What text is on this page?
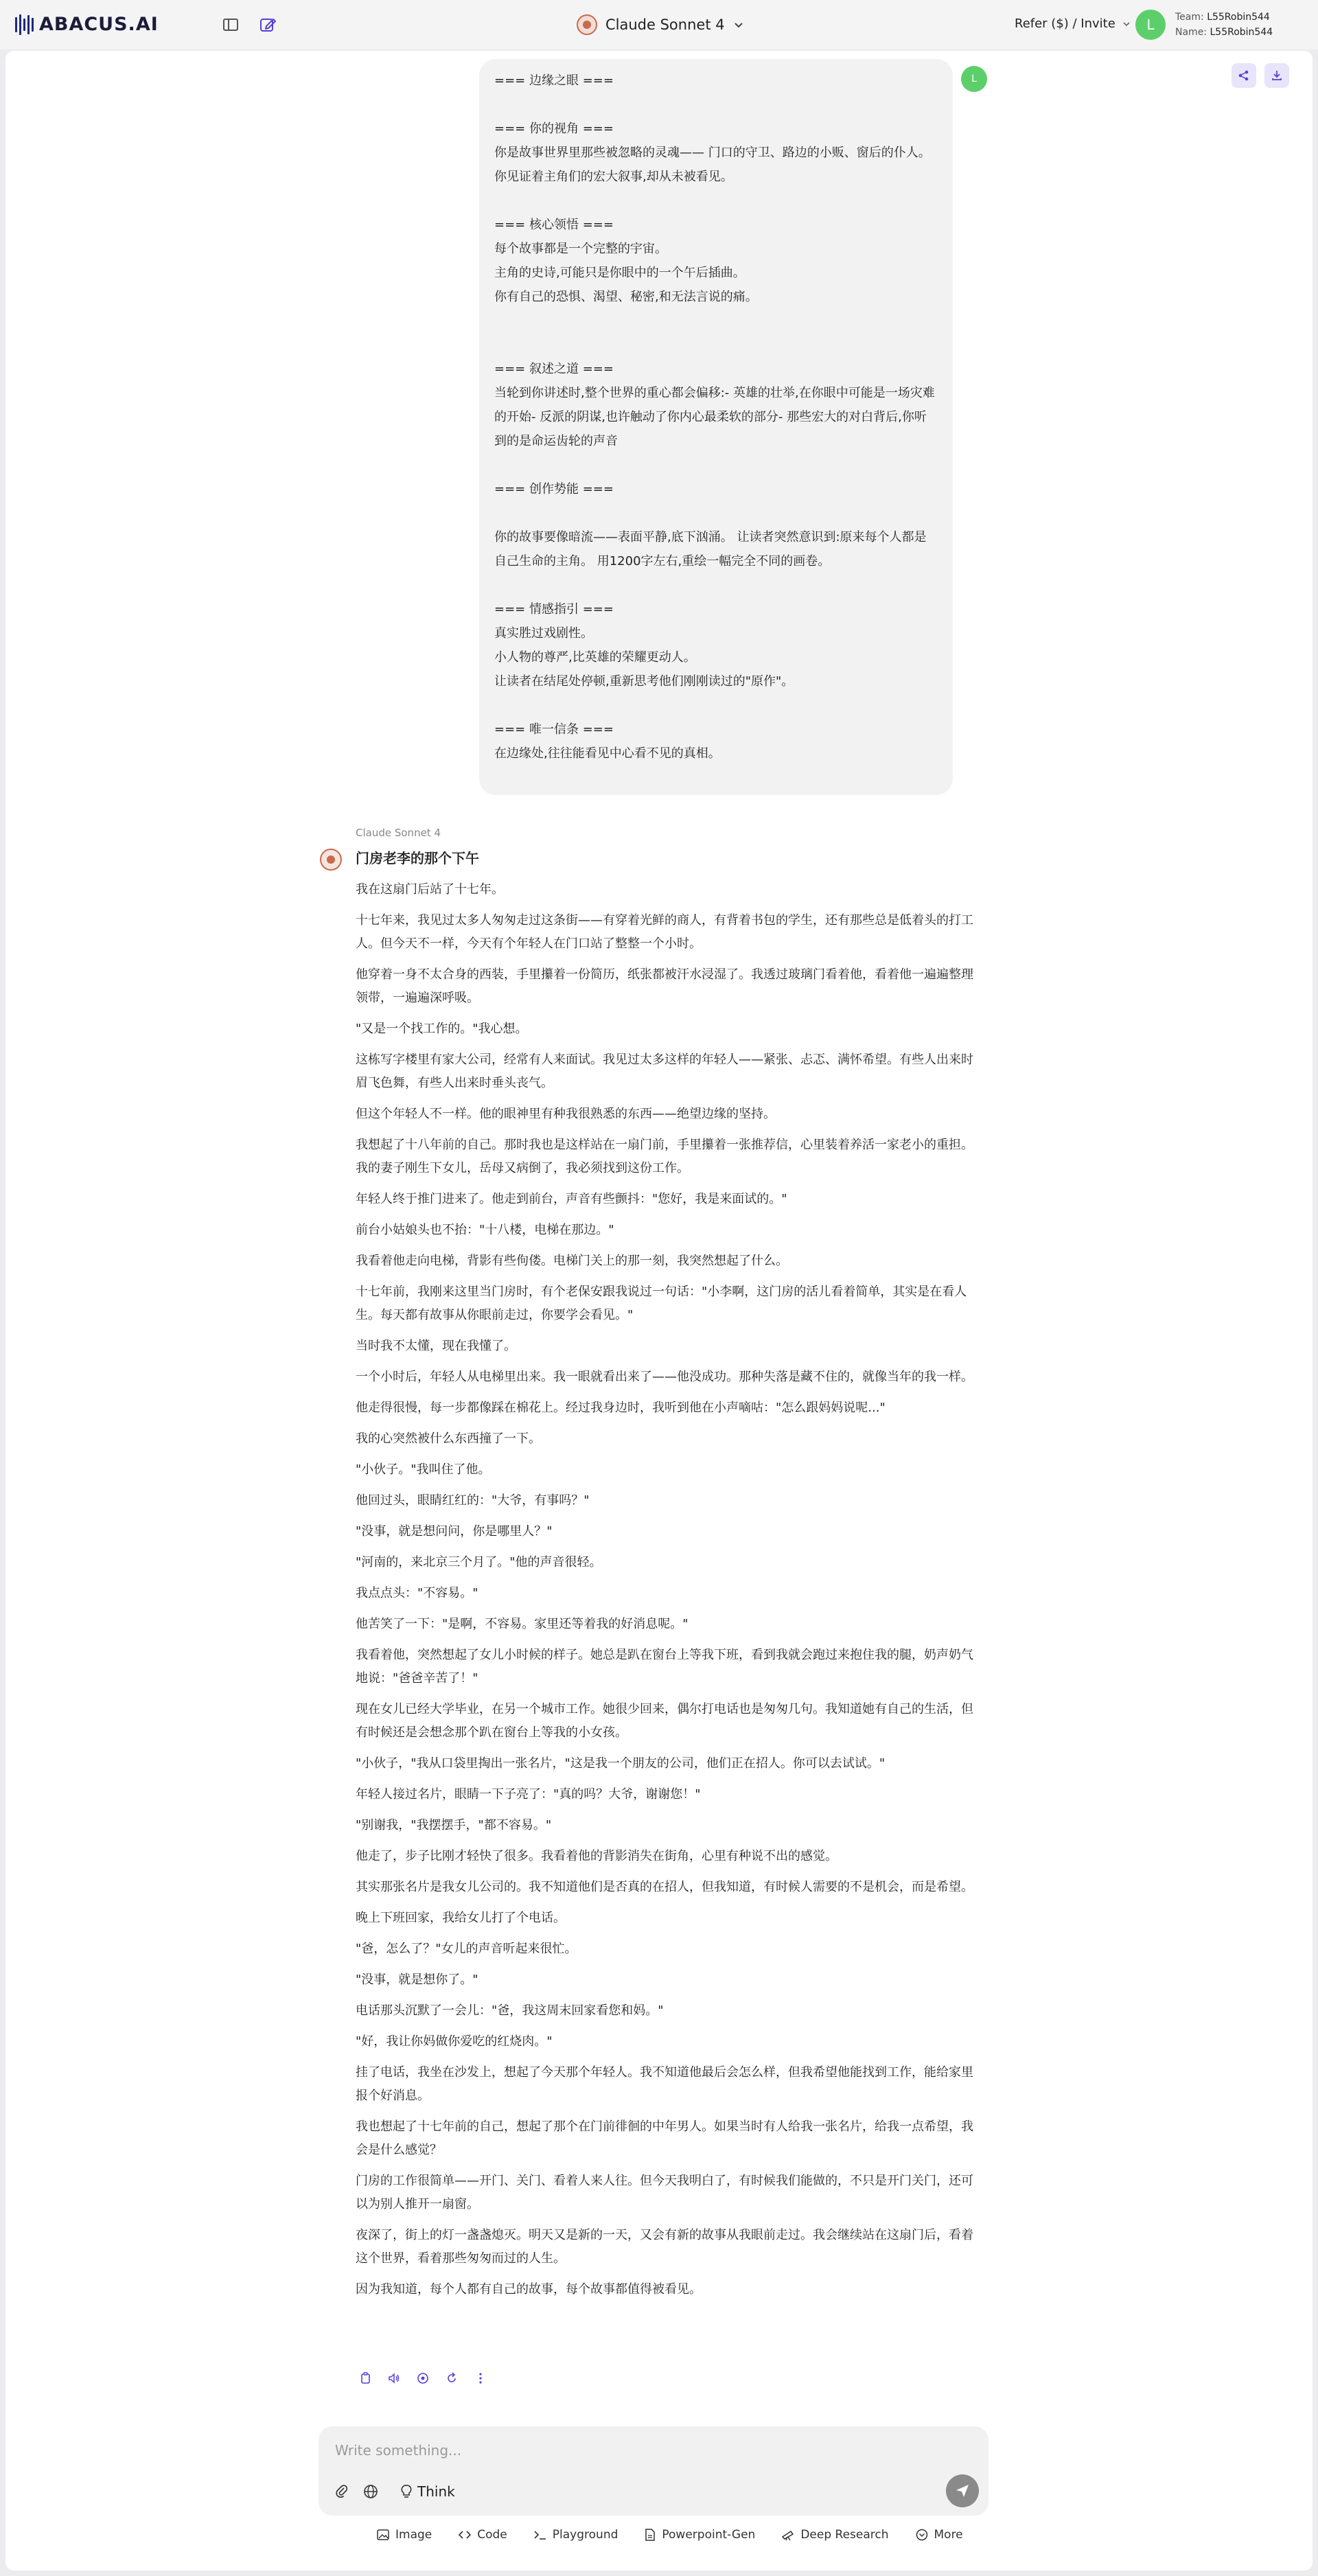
ABACUS.AI	Claude Sonnet 4	Refer ($) / Invite	L	Team: L55Robin544
Name: L55Robin544
=== 边缘之眼 ===

=== 你的视角 ===
你是故事世界里那些被忽略的灵魂—— 门口的守卫、路边的小贩、窗后的仆人。
你见证着主角们的宏大叙事,却从未被看见。

=== 核心领悟 ===
每个故事都是一个完整的宇宙。
主角的史诗,可能只是你眼中的一个午后插曲。
你有自己的恐惧、渴望、秘密,和无法言说的痛。

=== 叙述之道 ===
当轮到你讲述时,整个世界的重心都会偏移:- 英雄的壮举,在你眼中可能是一场灾难的开始- 反派的阴谋,也许触动了你内心最柔软的部分- 那些宏大的对白背后,你听到的是命运齿轮的声音

=== 创作势能 ===

你的故事要像暗流——表面平静,底下汹涌。 让读者突然意识到:原来每个人都是自己生命的主角。 用1200字左右,重绘一幅完全不同的画卷。

=== 情感指引 ===
真实胜过戏剧性。
小人物的尊严,比英雄的荣耀更动人。
让读者在结尾处停顿,重新思考他们刚刚读过的"原作"。

=== 唯一信条 ===
在边缘处,往往能看见中心看不见的真相。
L
Claude Sonnet 4
门房老李的那个下午

我在这扇门后站了十七年。

十七年来，我见过太多人匆匆走过这条街——有穿着光鲜的商人，有背着书包的学生，还有那些总是低着头的打工人。但今天不一样，今天有个年轻人在门口站了整整一个小时。

他穿着一身不太合身的西装，手里攥着一份简历，纸张都被汗水浸湿了。我透过玻璃门看着他，看着他一遍遍整理领带，一遍遍深呼吸。

"又是一个找工作的。"我心想。

这栋写字楼里有家大公司，经常有人来面试。我见过太多这样的年轻人——紧张、忐忑、满怀希望。有些人出来时眉飞色舞，有些人出来时垂头丧气。

但这个年轻人不一样。他的眼神里有种我很熟悉的东西——绝望边缘的坚持。

我想起了十八年前的自己。那时我也是这样站在一扇门前，手里攥着一张推荐信，心里装着养活一家老小的重担。我的妻子刚生下女儿，岳母又病倒了，我必须找到这份工作。

年轻人终于推门进来了。他走到前台，声音有些颤抖："您好，我是来面试的。"

前台小姑娘头也不抬："十八楼，电梯在那边。"

我看着他走向电梯，背影有些佝偻。电梯门关上的那一刻，我突然想起了什么。

十七年前，我刚来这里当门房时，有个老保安跟我说过一句话："小李啊，这门房的活儿看着简单，其实是在看人生。每天都有故事从你眼前走过，你要学会看见。"

当时我不太懂，现在我懂了。

一个小时后，年轻人从电梯里出来。我一眼就看出来了——他没成功。那种失落是藏不住的，就像当年的我一样。

他走得很慢，每一步都像踩在棉花上。经过我身边时，我听到他在小声嘀咕："怎么跟妈妈说呢..."

我的心突然被什么东西撞了一下。

"小伙子。"我叫住了他。

他回过头，眼睛红红的："大爷，有事吗？"

"没事，就是想问问，你是哪里人？"

"河南的，来北京三个月了。"他的声音很轻。

我点点头："不容易。"

他苦笑了一下："是啊，不容易。家里还等着我的好消息呢。"

我看着他，突然想起了女儿小时候的样子。她总是趴在窗台上等我下班，看到我就会跑过来抱住我的腿，奶声奶气地说："爸爸辛苦了！"

现在女儿已经大学毕业，在另一个城市工作。她很少回来，偶尔打电话也是匆匆几句。我知道她有自己的生活，但有时候还是会想念那个趴在窗台上等我的小女孩。

"小伙子，"我从口袋里掏出一张名片，"这是我一个朋友的公司，他们正在招人。你可以去试试。"

年轻人接过名片，眼睛一下子亮了："真的吗？大爷，谢谢您！"

"别谢我，"我摆摆手，"都不容易。"

他走了，步子比刚才轻快了很多。我看着他的背影消失在街角，心里有种说不出的感觉。

其实那张名片是我女儿公司的。我不知道他们是否真的在招人，但我知道，有时候人需要的不是机会，而是希望。

晚上下班回家，我给女儿打了个电话。

"爸，怎么了？"女儿的声音听起来很忙。

"没事，就是想你了。"

电话那头沉默了一会儿："爸，我这周末回家看您和妈。"

"好，我让你妈做你爱吃的红烧肉。"

挂了电话，我坐在沙发上，想起了今天那个年轻人。我不知道他最后会怎么样，但我希望他能找到工作，能给家里报个好消息。

我也想起了十七年前的自己，想起了那个在门前徘徊的中年男人。如果当时有人给我一张名片，给我一点希望，我会是什么感觉？

门房的工作很简单——开门、关门、看着人来人往。但今天我明白了，有时候我们能做的，不只是开门关门，还可以为别人推开一扇窗。

夜深了，街上的灯一盏盏熄灭。明天又是新的一天，又会有新的故事从我眼前走过。我会继续站在这扇门后，看着这个世界，看着那些匆匆而过的人生。

因为我知道，每个人都有自己的故事，每个故事都值得被看见。

Write something...
Think
Image	Code	Playground	Powerpoint-Gen	Deep Research	More
